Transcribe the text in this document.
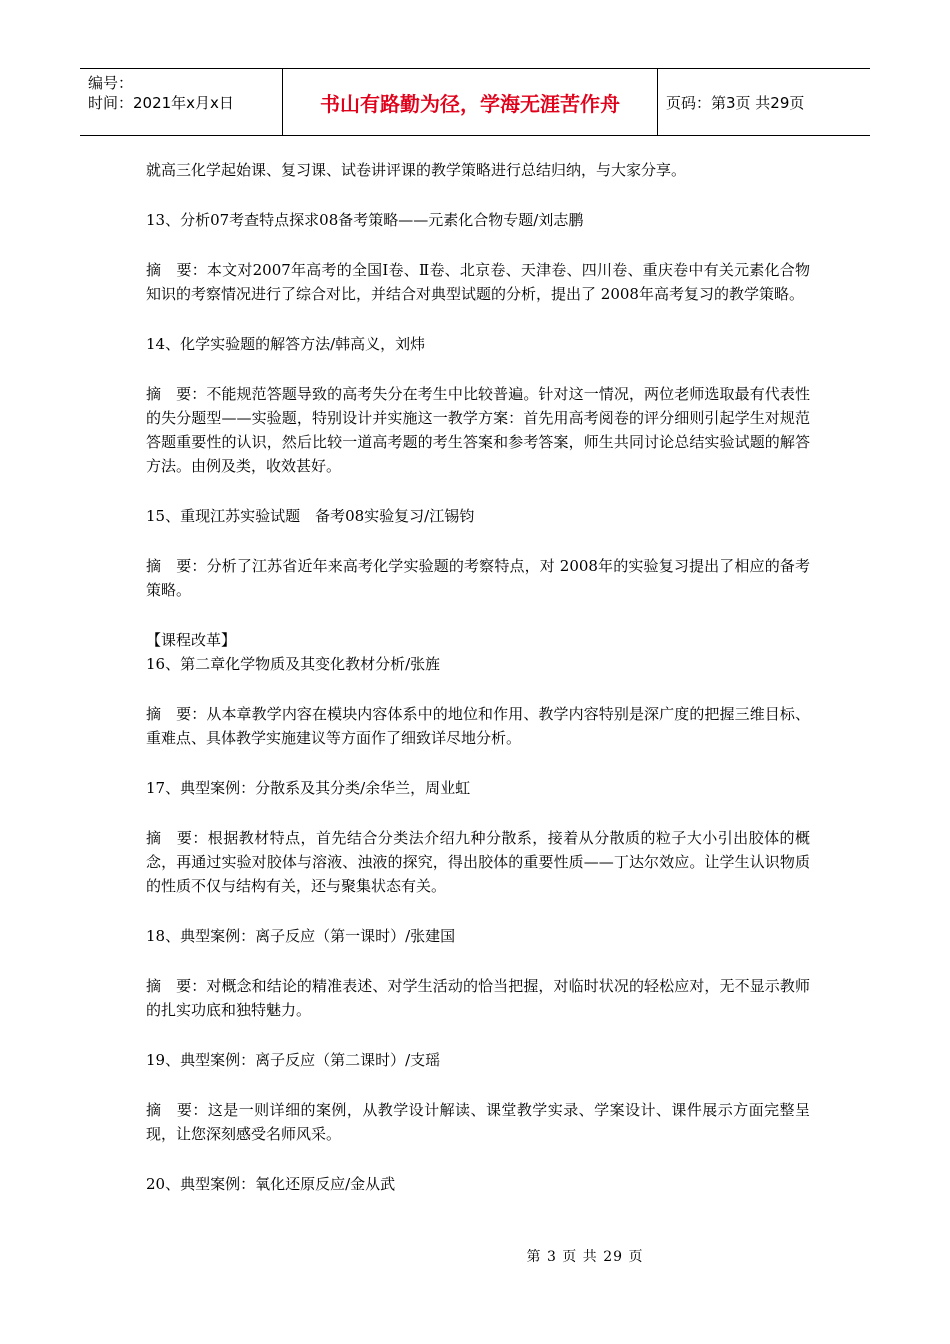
编号：
时间：2021年x月x日	书山有路勤为径，学海无涯苦作舟	页码：第3页 共29页

就高三化学起始课、复习课、试卷讲评课的教学策略进行总结归纳，与大家分享。

13、分析07考查特点探求08备考策略——元素化合物专题/刘志鹏

摘　要：本文对2007年高考的全国Ⅰ卷、Ⅱ卷、北京卷、天津卷、四川卷、重庆卷中有关元素化合物知识的考察情况进行了综合对比，并结合对典型试题的分析，提出了 2008年高考复习的教学策略。

14、化学实验题的解答方法/韩高义，刘炜

摘　要：不能规范答题导致的高考失分在考生中比较普遍。针对这一情况，两位老师选取最有代表性的失分题型——实验题，特别设计并实施这一教学方案：首先用高考阅卷的评分细则引起学生对规范答题重要性的认识，然后比较一道高考题的考生答案和参考答案，师生共同讨论总结实验试题的解答方法。由例及类，收效甚好。

15、重现江苏实验试题　备考08实验复习/江锡钧

摘　要：分析了江苏省近年来高考化学实验题的考察特点，对 2008年的实验复习提出了相应的备考策略。

【课程改革】

16、第二章化学物质及其变化教材分析/张旌

摘　要：从本章教学内容在模块内容体系中的地位和作用、教学内容特别是深广度的把握三维目标、重难点、具体教学实施建议等方面作了细致详尽地分析。

17、典型案例：分散系及其分类/余华兰，周业虹

摘　要：根据教材特点，首先结合分类法介绍九种分散系，接着从分散质的粒子大小引出胶体的概念，再通过实验对胶体与溶液、浊液的探究，得出胶体的重要性质——丁达尔效应。让学生认识物质的性质不仅与结构有关，还与聚集状态有关。

18、典型案例：离子反应（第一课时）/张建国

摘　要：对概念和结论的精准表述、对学生活动的恰当把握，对临时状况的轻松应对，无不显示教师的扎实功底和独特魅力。

19、典型案例：离子反应（第二课时）/支瑶

摘　要：这是一则详细的案例，从教学设计解读、课堂教学实录、学案设计、课件展示方面完整呈现，让您深刻感受名师风采。

20、典型案例：氧化还原反应/金从武

第 3 页 共 29 页
